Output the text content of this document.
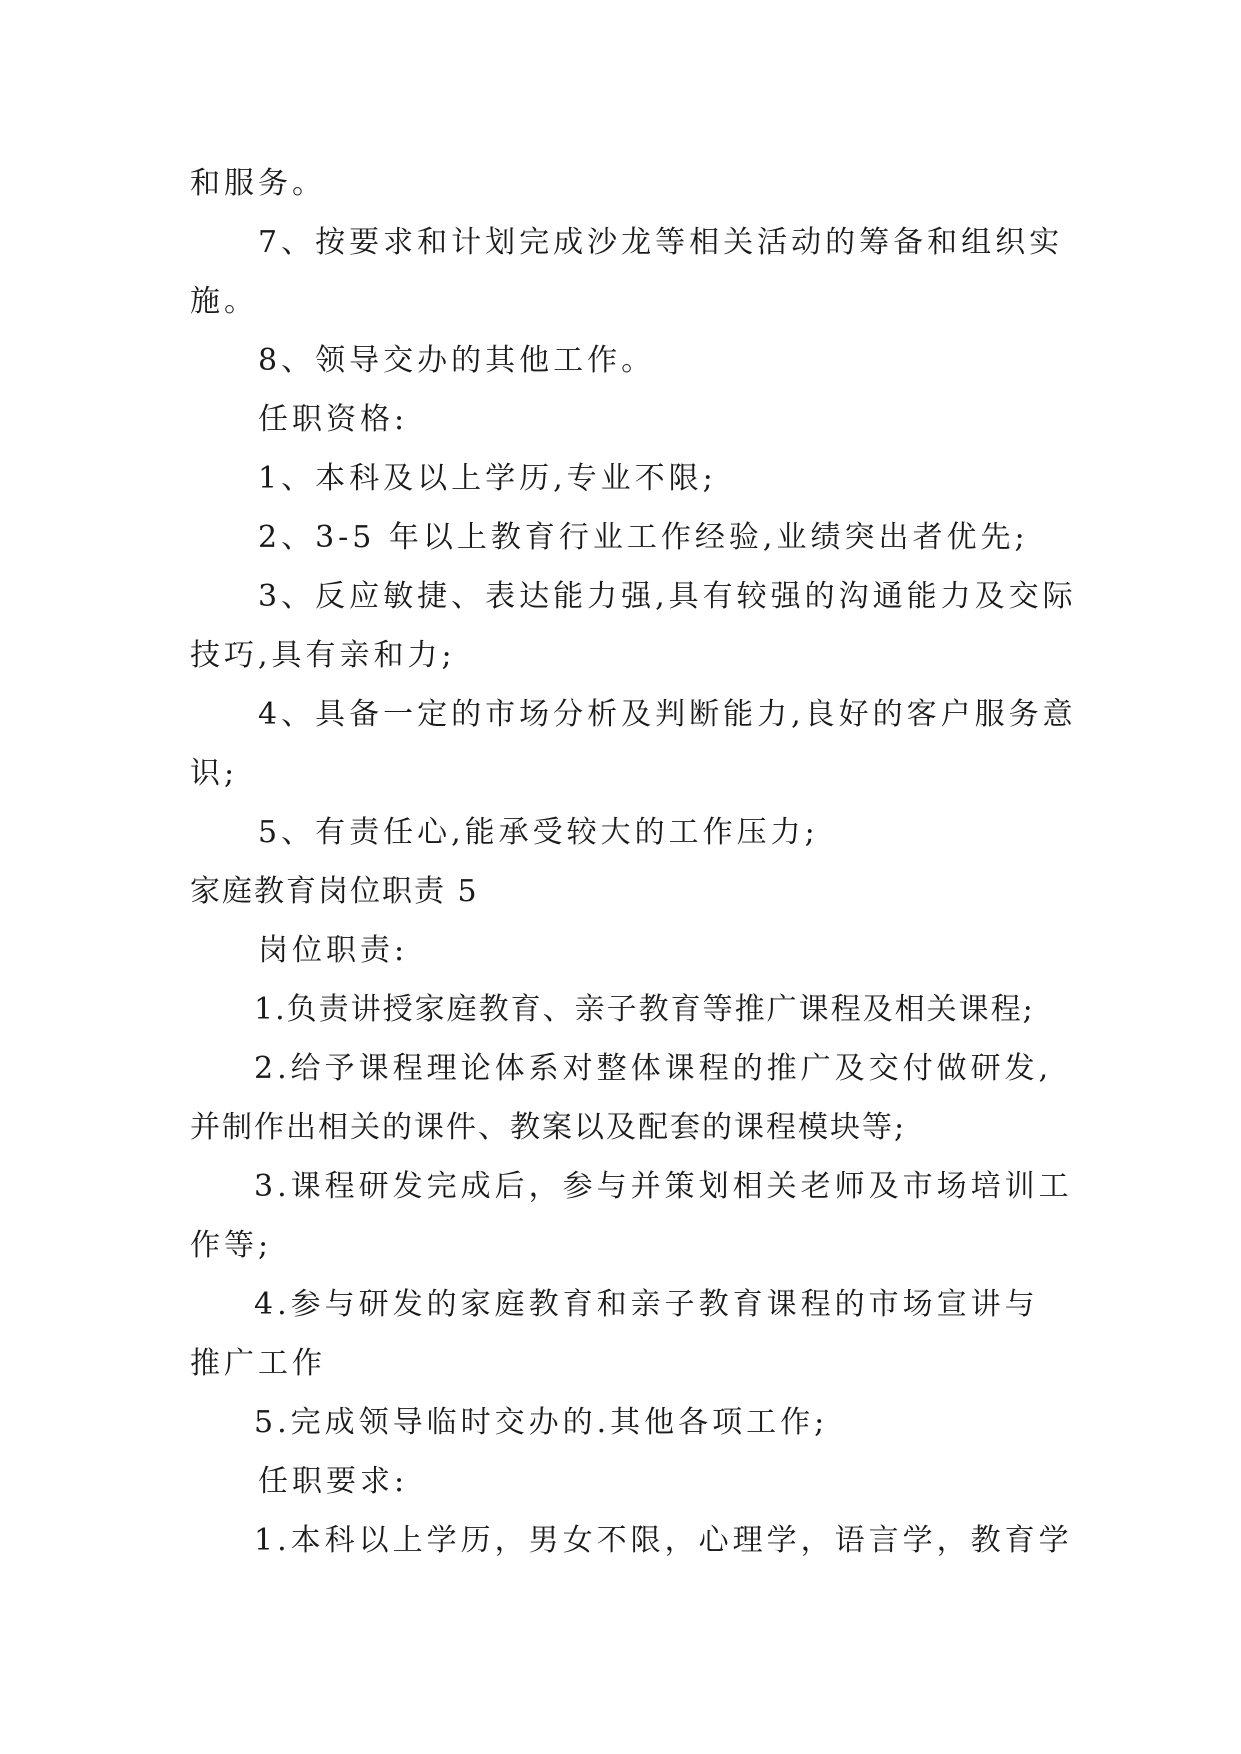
和服务。
7、按要求和计划完成沙龙等相关活动的筹备和组织实
施。
8、领导交办的其他工作。
任职资格:
1、本科及以上学历,专业不限;
2、3-5 年以上教育行业工作经验,业绩突出者优先;
3、反应敏捷、表达能力强,具有较强的沟通能力及交际
技巧,具有亲和力;
4、具备一定的市场分析及判断能力,良好的客户服务意
识;
5、有责任心,能承受较大的工作压力;
家庭教育岗位职责 5
岗位职责:
1.负责讲授家庭教育、亲子教育等推广课程及相关课程;
2.给予课程理论体系对整体课程的推广及交付做研发,
并制作出相关的课件、教案以及配套的课程模块等;
3.课程研发完成后，参与并策划相关老师及市场培训工
作等;
4.参与研发的家庭教育和亲子教育课程的市场宣讲与
推广工作
5.完成领导临时交办的.其他各项工作;
任职要求:
1.本科以上学历，男女不限，心理学，语言学，教育学
